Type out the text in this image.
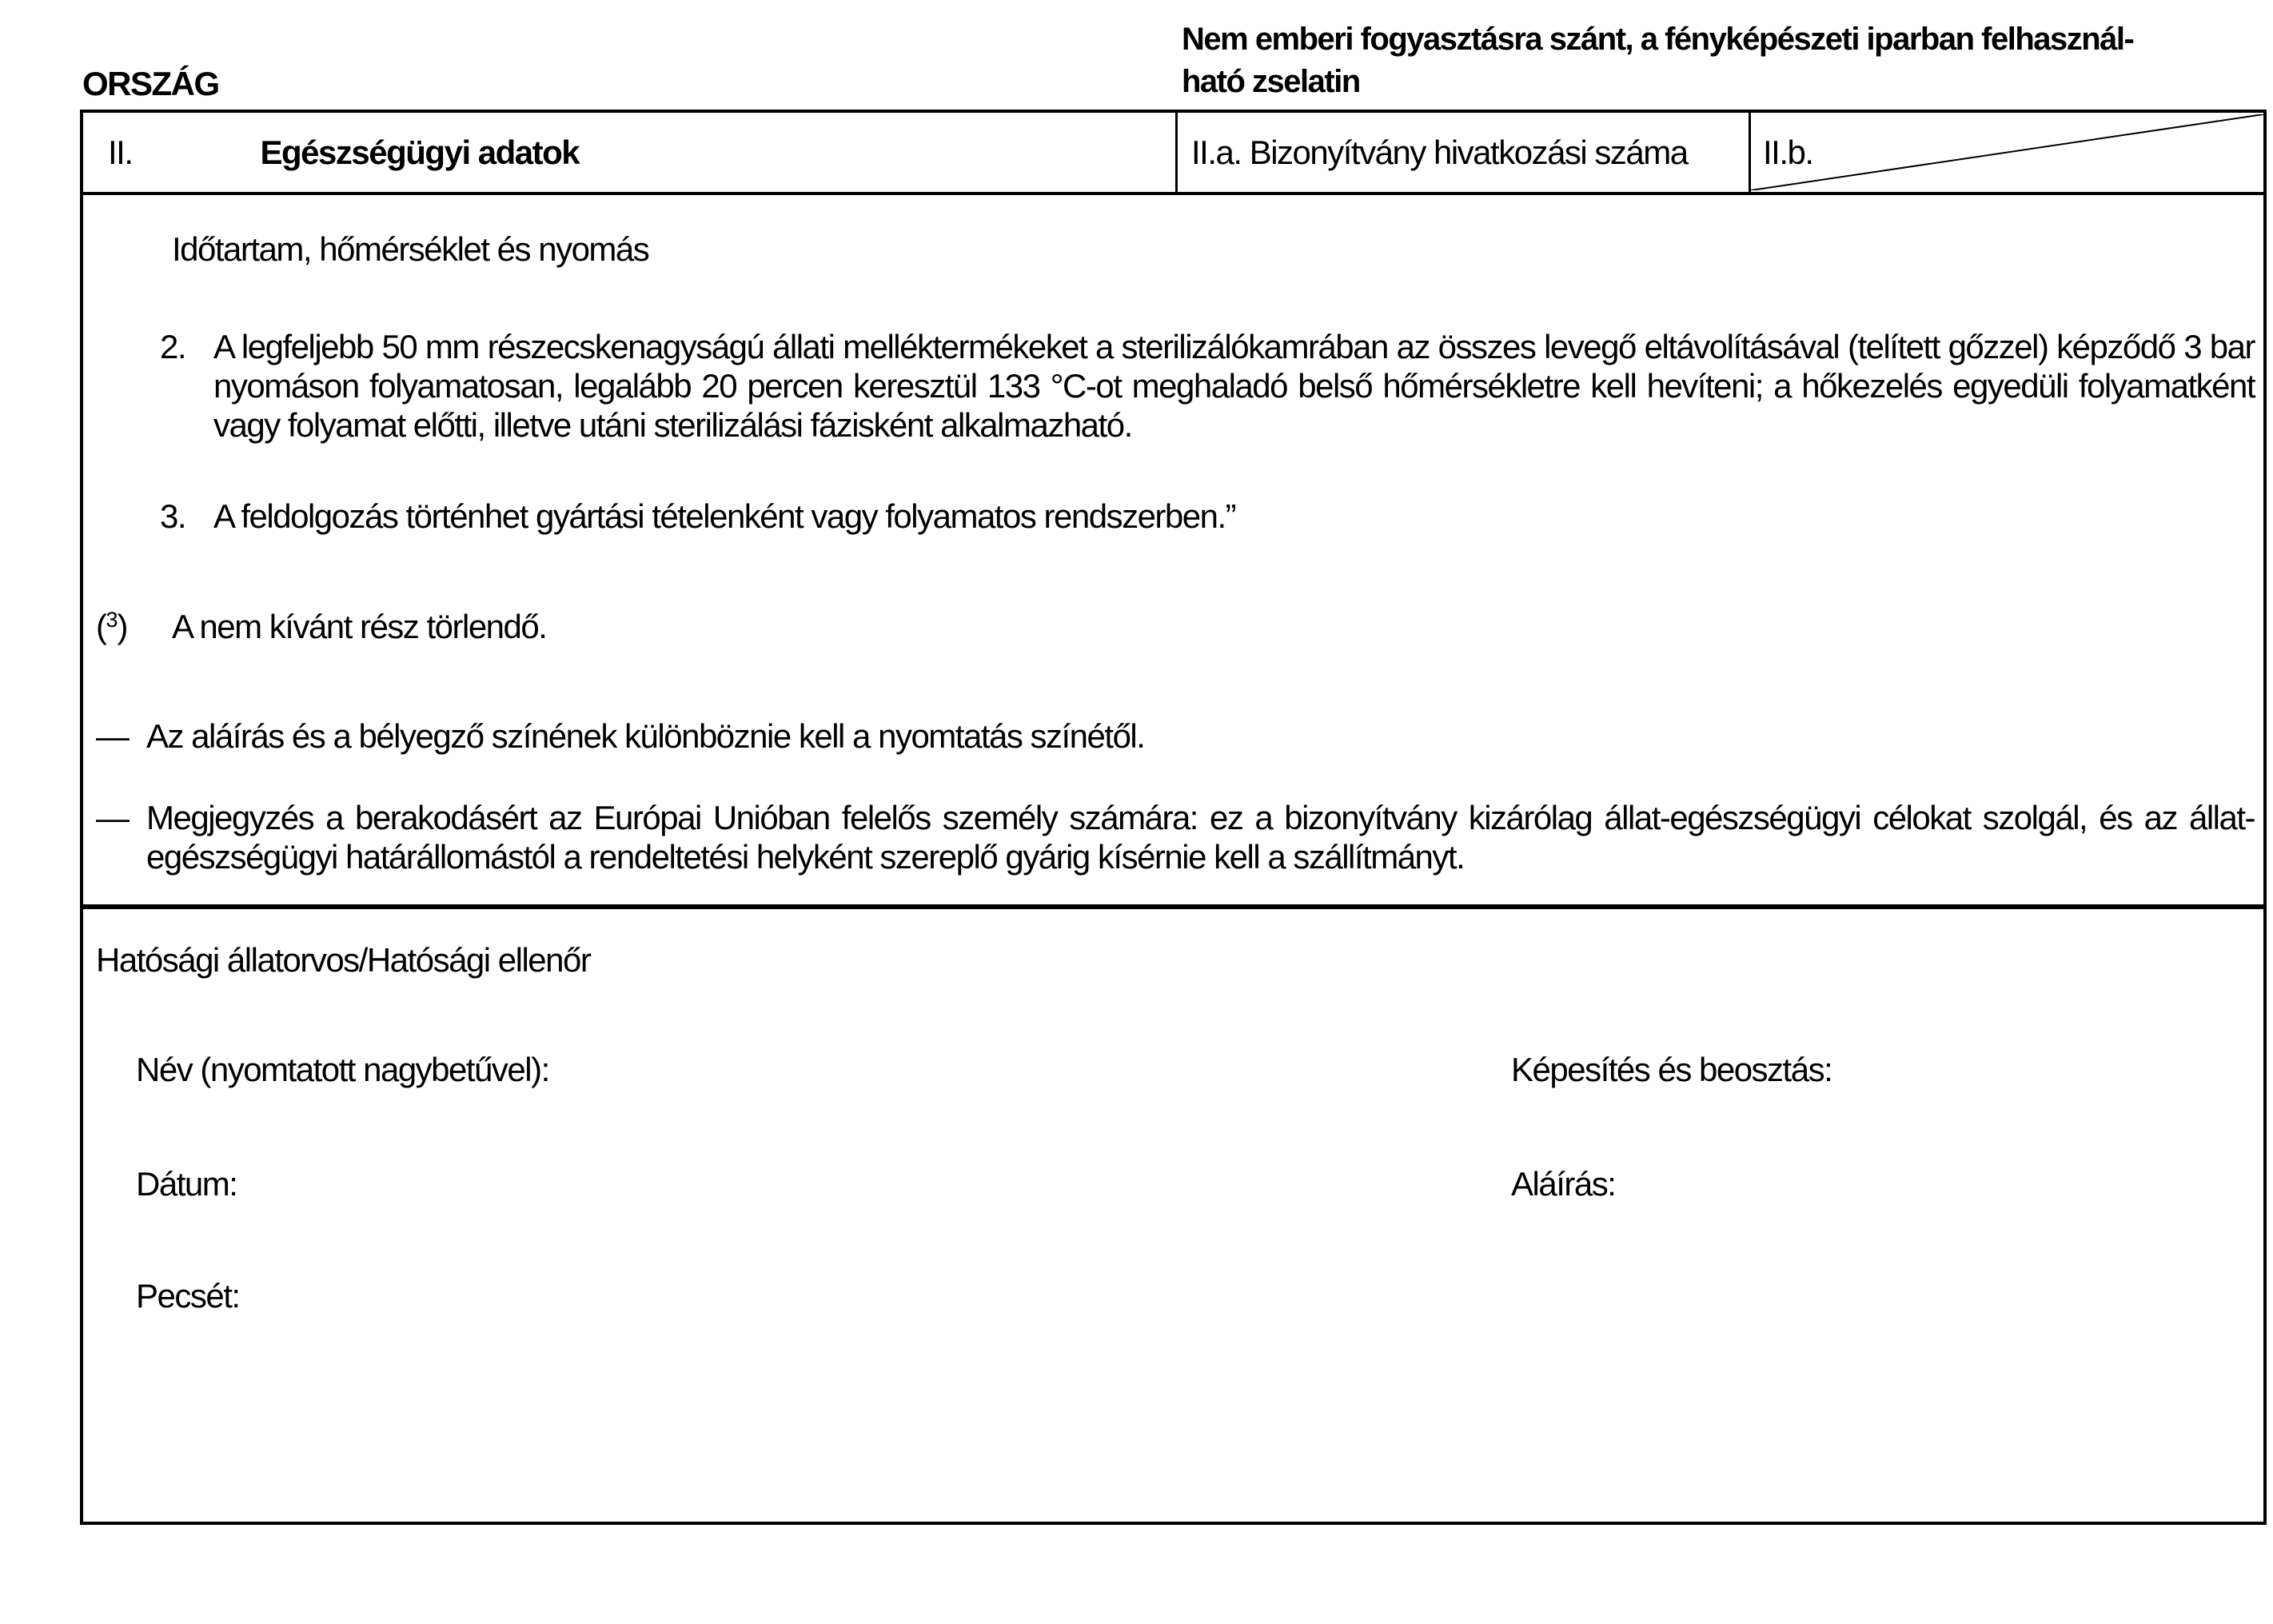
ORSZÁG
Nem emberi fogyasztásra szánt, a fényképészeti iparban felhasznál-
ható zselatin
II.	Egészségügyi adatok	II.a. Bizonyítvány hivatkozási száma II.b.
Időtartam, hőmérséklet és nyomás
2. A legfeljebb 50 mm részecskenagyságú állati melléktermékeket a sterilizálókamrában az összes levegő eltávolításával (telített gőzzel) képződő 3 bar nyomáson folyamatosan, legalább 20 percen keresztül 133 °C-ot meghaladó belső hőmérsékletre kell hevíteni; a hőkezelés egyedüli folyamatként vagy folyamat előtti, illetve utáni sterilizálási fázisként alkalmazható.
3. A feldolgozás történhet gyártási tételenként vagy folyamatos rendszerben.”
($^3$) A nem kívánt rész törlendő.
— Az aláírás és a bélyegző színének különböznie kell a nyomtatás színétől.
— Megjegyzés a berakodásért az Európai Unióban felelős személy számára: ez a bizonyítvány kizárólag állat-egészségügyi célokat szolgál, és az állat-egészségügyi határállomástól a rendeltetési helyként szereplő gyárig kísérnie kell a szállítmányt.
Hatósági állatorvos/Hatósági ellenőr
Név (nyomtatott nagybetűvel):	Képesítés és beosztás:
Dátum:	Aláírás:
Pecsét:
